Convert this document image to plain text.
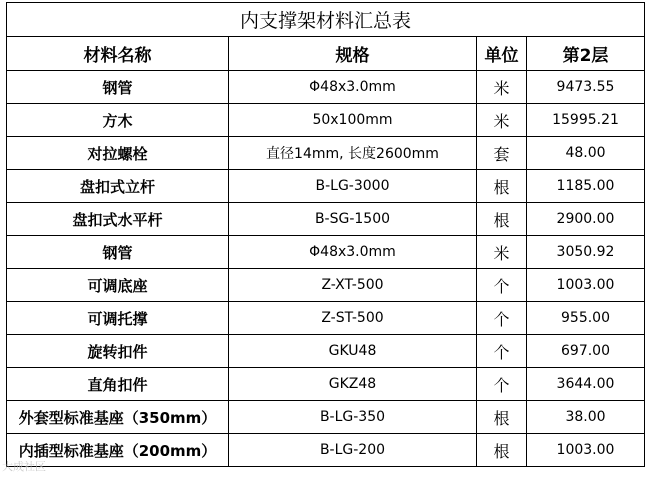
内支撑架材料汇总表			
材料名称	规格	单位	第2层
钢管	Φ48x3.0mm	米	9473.55
方木	50x100mm	米	15995.21
对拉螺栓	直径14mm, 长度2600mm	套	48.00
盘扣式立杆	B-LG-3000	根	1185.00
盘扣式水平杆	B-SG-1500	根	2900.00
钢管	Φ48x3.0mm	米	3050.92
可调底座	Z-XT-500	个	1003.00
可调托撑	Z-ST-500	个	955.00
旋转扣件	GKU48	个	697.00
直角扣件	GKZ48	个	3644.00
外套型标准基座（350mm）	B-LG-350	根	38.00
内插型标准基座（200mm）	B-LG-200	根	1003.00
大成社区
